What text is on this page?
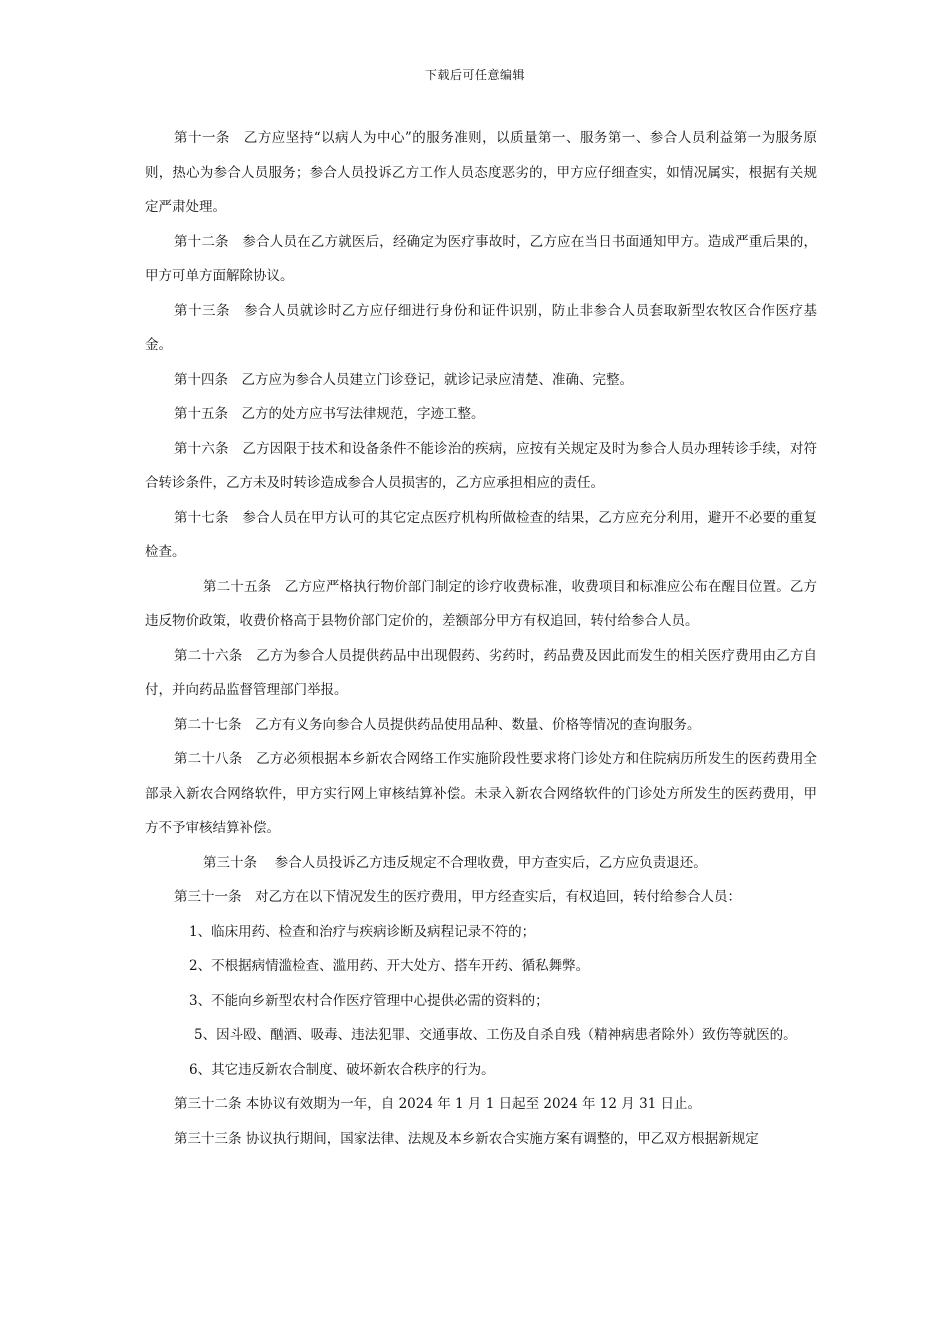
下载后可任意编辑

第十一条　乙方应坚持“以病人为中心”的服务准则，以质量第一、服务第一、参合人员利益第一为服务原则，热心为参合人员服务；参合人员投诉乙方工作人员态度恶劣的，甲方应仔细查实，如情况属实，根据有关规定严肃处理。

第十二条　参合人员在乙方就医后，经确定为医疗事故时，乙方应在当日书面通知甲方。造成严重后果的，甲方可单方面解除协议。

第十三条　参合人员就诊时乙方应仔细进行身份和证件识别，防止非参合人员套取新型农牧区合作医疗基金。

第十四条　乙方应为参合人员建立门诊登记，就诊记录应清楚、准确、完整。

第十五条　乙方的处方应书写法律规范，字迹工整。

第十六条　乙方因限于技术和设备条件不能诊治的疾病，应按有关规定及时为参合人员办理转诊手续，对符合转诊条件，乙方未及时转诊造成参合人员损害的，乙方应承担相应的责任。

第十七条　参合人员在甲方认可的其它定点医疗机构所做检查的结果，乙方应充分利用，避开不必要的重复检查。

第二十五条　乙方应严格执行物价部门制定的诊疗收费标准，收费项目和标准应公布在醒目位置。乙方违反物价政策，收费价格高于县物价部门定价的，差额部分甲方有权追回，转付给参合人员。

第二十六条　乙方为参合人员提供药品中出现假药、劣药时，药品费及因此而发生的相关医疗费用由乙方自付，并向药品监督管理部门举报。

第二十七条　乙方有义务向参合人员提供药品使用品种、数量、价格等情况的查询服务。

第二十八条　乙方必须根据本乡新农合网络工作实施阶段性要求将门诊处方和住院病历所发生的医药费用全部录入新农合网络软件，甲方实行网上审核结算补偿。未录入新农合网络软件的门诊处方所发生的医药费用，甲方不予审核结算补偿。

第三十条　 参合人员投诉乙方违反规定不合理收费，甲方查实后，乙方应负责退还。

第三十一条　对乙方在以下情况发生的医疗费用，甲方经查实后，有权追回，转付给参合人员：

1、临床用药、检查和治疗与疾病诊断及病程记录不符的；

2、不根据病情滥检查、滥用药、开大处方、搭车开药、循私舞弊。

3、不能向乡新型农村合作医疗管理中心提供必需的资料的；

5、因斗殴、酗酒、吸毒、违法犯罪、交通事故、工伤及自杀自残（精神病患者除外）致伤等就医的。

6、其它违反新农合制度、破坏新农合秩序的行为。

第三十二条 本协议有效期为一年，自 2024 年 1 月 1 日起至 2024 年 12 月 31 日止。

第三十三条 协议执行期间，国家法律、法规及本乡新农合实施方案有调整的，甲乙双方根据新规定
